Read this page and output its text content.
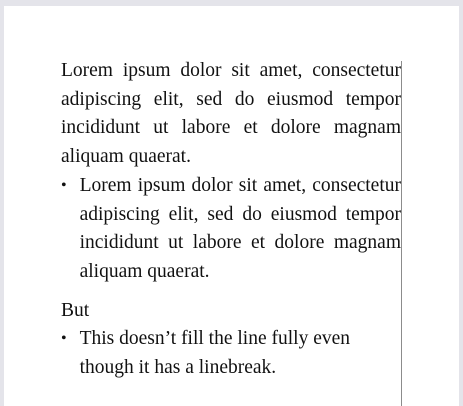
Lorem ipsum dolor sit amet, consectetur adipiscing elit, sed do eiusmod tempor incididunt ut labore et dolore magnam aliquam quaerat.

• Lorem ipsum dolor sit amet, consectetur adipiscing elit, sed do eiusmod tempor incididunt ut labore et dolore magnam aliquam quaerat.

But

• This doesn’t fill the line fully even though it has a linebreak.
